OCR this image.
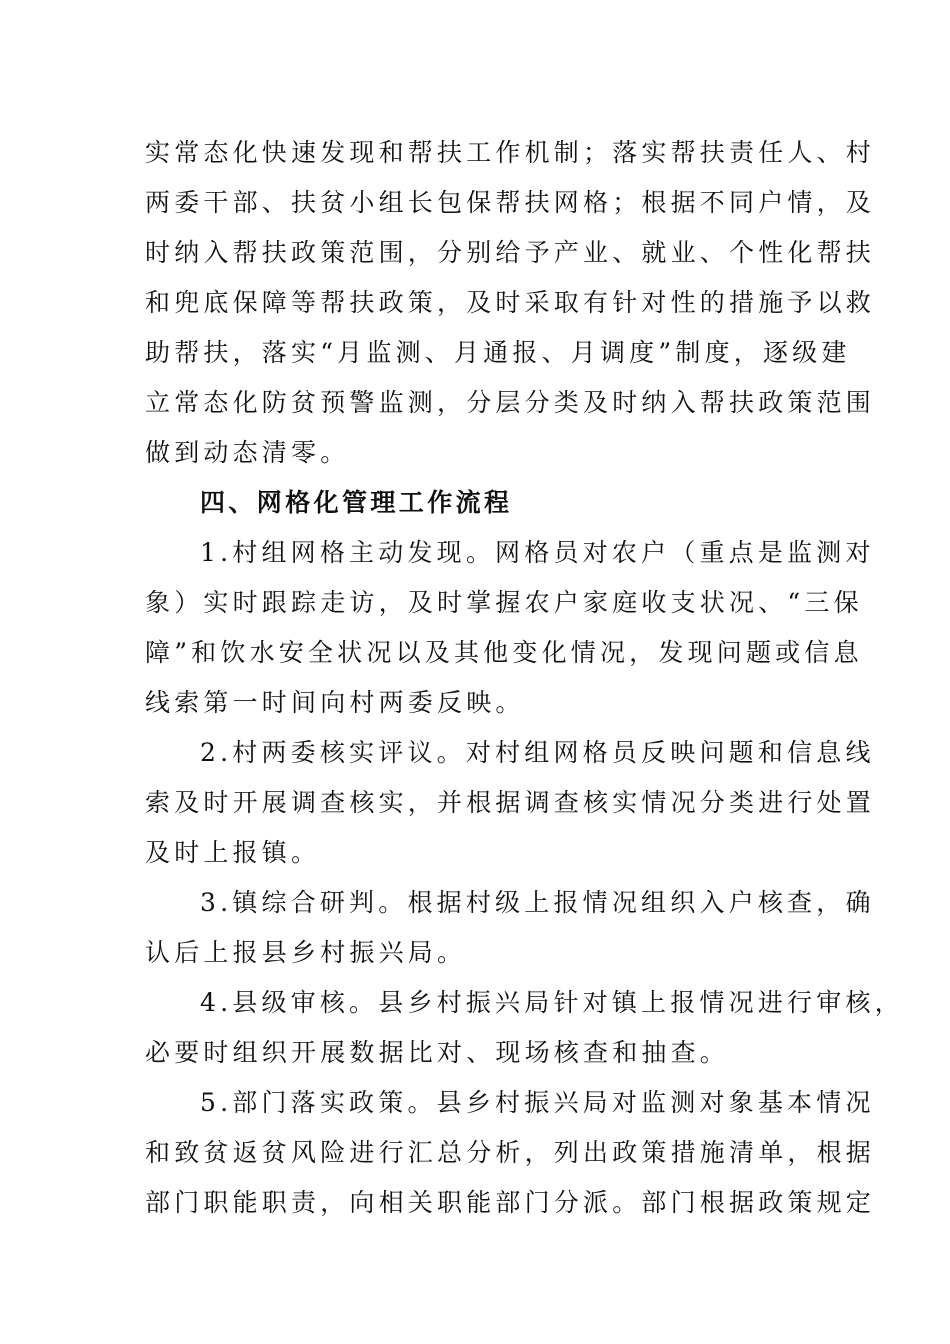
实常态化快速发现和帮扶工作机制；落实帮扶责任人、村
两委干部、扶贫小组长包保帮扶网格；根据不同户情，及
时纳入帮扶政策范围，分别给予产业、就业、个性化帮扶
和兜底保障等帮扶政策，及时采取有针对性的措施予以救
助帮扶，落实“月监测、月通报、月调度”制度，逐级建
立常态化防贫预警监测，分层分类及时纳入帮扶政策范围
做到动态清零。
四、网格化管理工作流程
1.村组网格主动发现。网格员对农户（重点是监测对
象）实时跟踪走访，及时掌握农户家庭收支状况、“三保
障”和饮水安全状况以及其他变化情况，发现问题或信息
线索第一时间向村两委反映。
2.村两委核实评议。对村组网格员反映问题和信息线
索及时开展调查核实，并根据调查核实情况分类进行处置
及时上报镇。
3.镇综合研判。根据村级上报情况组织入户核查，确
认后上报县乡村振兴局。
4.县级审核。县乡村振兴局针对镇上报情况进行审核，
必要时组织开展数据比对、现场核查和抽查。
5.部门落实政策。县乡村振兴局对监测对象基本情况
和致贫返贫风险进行汇总分析，列出政策措施清单，根据
部门职能职责，向相关职能部门分派。部门根据政策规定
